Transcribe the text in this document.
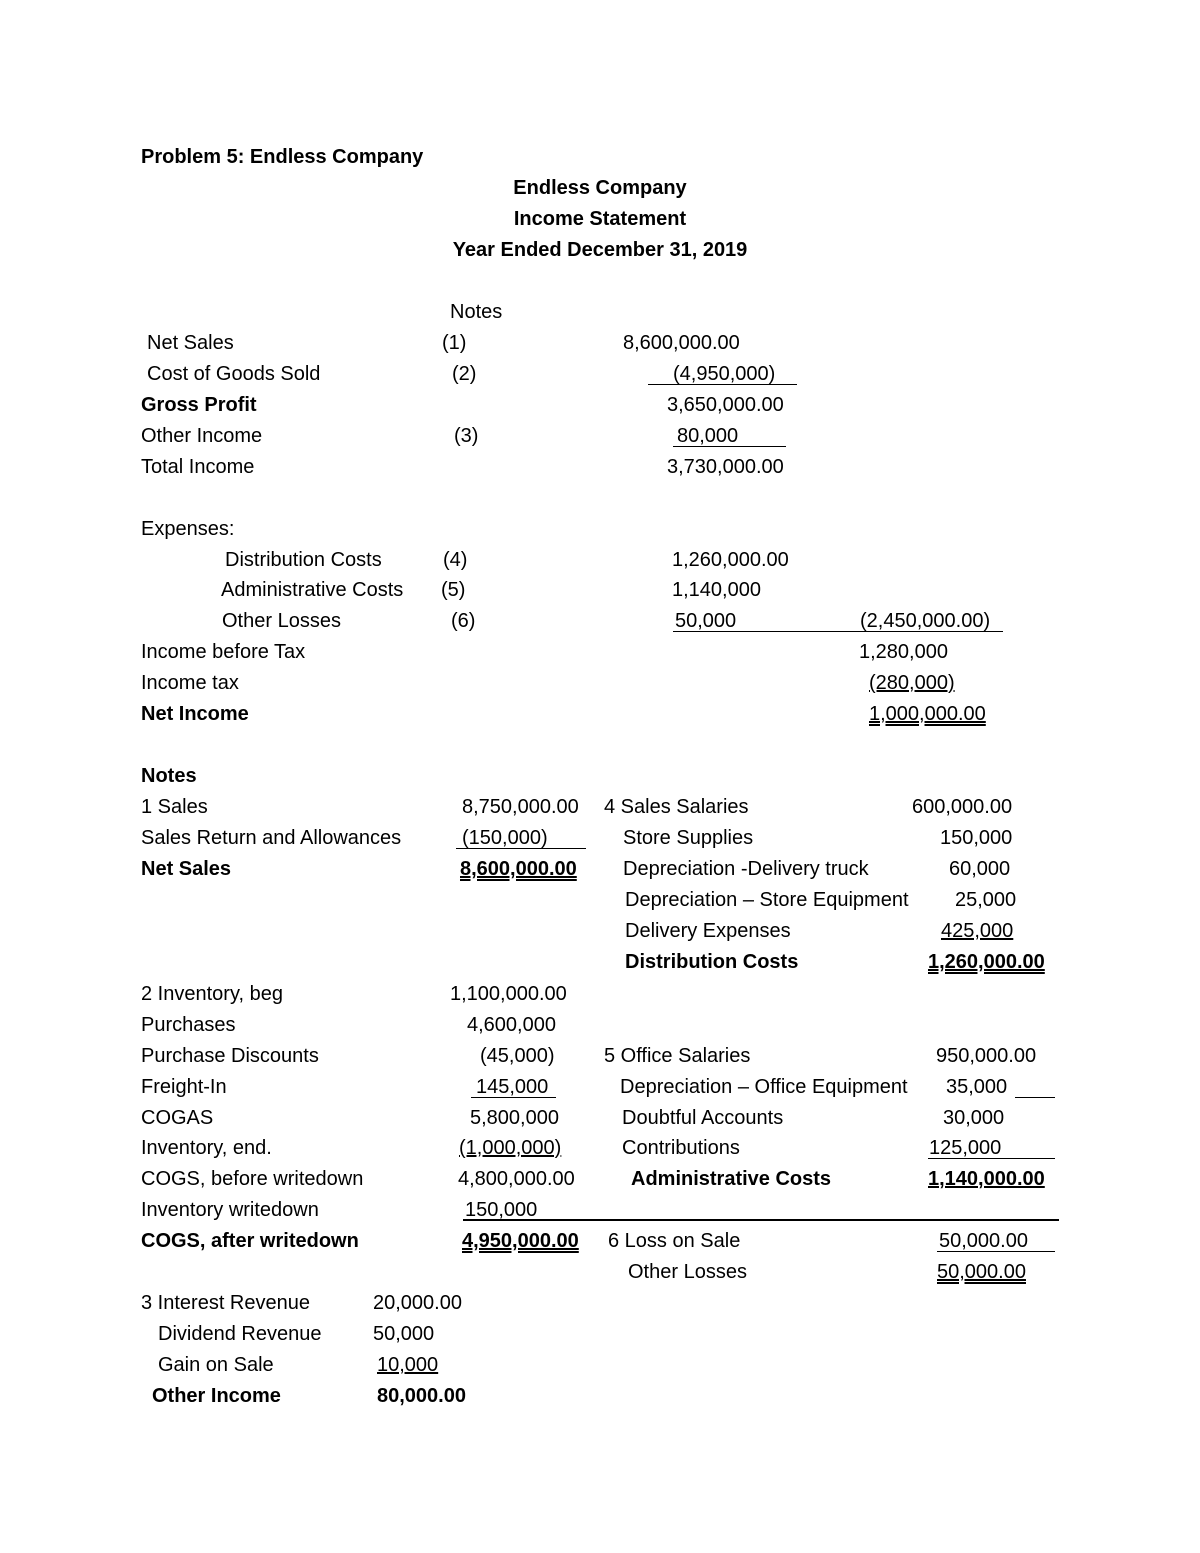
Problem 5: Endless Company
Endless Company
Income Statement
Year Ended December 31, 2019
Notes
Net Sales	(1)	8,600,000.00
Cost of Goods Sold	(2)	(4,950,000)
Gross Profit	3,650,000.00
Other Income	(3)	80,000
Total Income	3,730,000.00
Expenses:
Distribution Costs	(4)	1,260,000.00
Administrative Costs (5)	1,140,000
Other Losses	(6)	50,000	(2,450,000.00)
Income before Tax	1,280,000
Income tax	(280,000)
Net Income	1,000,000.00
Notes
1 Sales	8,750,000.00
Sales Return and Allowances	(150,000)
Net Sales	8,600,000.00
2 Inventory, beg	1,100,000.00
Purchases	4,600,000
Purchase Discounts	(45,000)
Freight-In	145,000
COGAS	5,800,000
Inventory, end.	(1,000,000)
COGS, before writedown	4,800,000.00
Inventory writedown	150,000
COGS, after writedown	4,950,000.00
3 Interest Revenue	20,000.00
Dividend Revenue	50,000
Gain on Sale	10,000
Other Income	80,000.00
4 Sales Salaries	600,000.00
Store Supplies	150,000
Depreciation -Delivery truck	60,000
Depreciation – Store Equipment 25,000
Delivery Expenses	425,000
Distribution Costs	1,260,000.00
5 Office Salaries	950,000.00
Depreciation – Office Equipment 35,000
Doubtful Accounts	30,000
Contributions	125,000
Administrative Costs	1,140,000.00
6 Loss on Sale	50,000.00
Other Losses	50,000.00
